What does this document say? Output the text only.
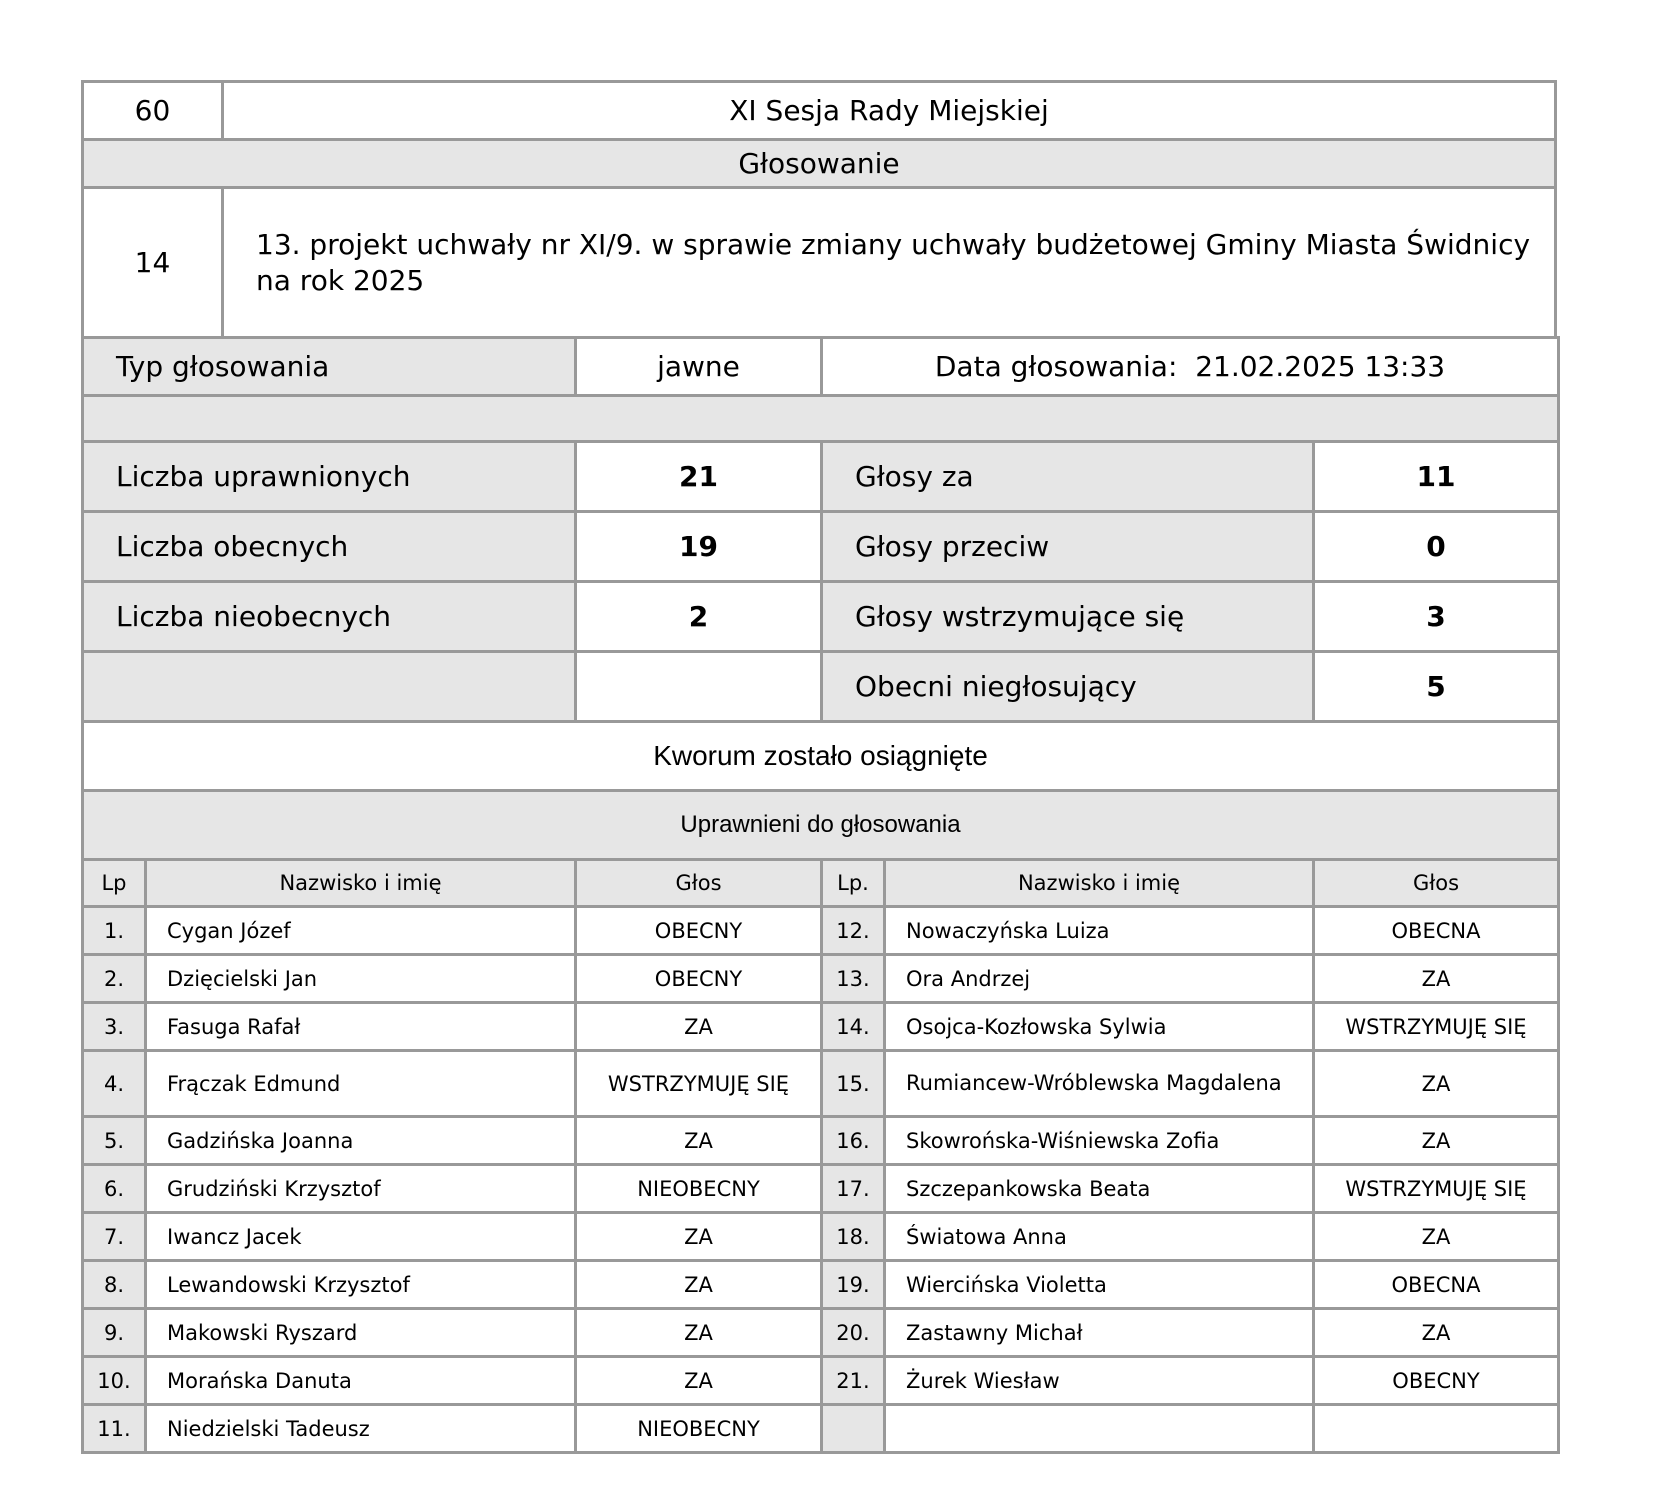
60	XI Sesja Rady Miejskiej
Głosowanie	
14	13. projekt uchwały nr XI/9. w sprawie zmiany uchwały budżetowej Gminy Miasta Świdnicy na rok 2025
Typ głosowania	jawne	Data głosowania: 21.02.2025 13:33	

Liczba uprawnionych	21	Głosy za	11
Liczba obecnych	19	Głosy przeciw	0
Liczba nieobecnych	2	Głosy wstrzymujące się	3
		Obecni niegłosujący	5
Kworum zostało osiągnięte			
Uprawnieni do głosowania			
Lp	Nazwisko i imię	Głos	Lp.	Nazwisko i imię	Głos
1.	Cygan Józef	OBECNY	12.	Nowaczyńska Luiza	OBECNA
2.	Dzięcielski Jan	OBECNY	13.	Ora Andrzej	ZA
3.	Fasuga Rafał	ZA	14.	Osojca-Kozłowska Sylwia	WSTRZYMUJĘ SIĘ
4.	Frączak Edmund	WSTRZYMUJĘ SIĘ	15.	Rumiancew-Wróblewska Magdalena	ZA
5.	Gadzińska Joanna	ZA	16.	Skowrońska-Wiśniewska Zofia	ZA
6.	Grudziński Krzysztof	NIEOBECNY	17.	Szczepankowska Beata	WSTRZYMUJĘ SIĘ
7.	Iwancz Jacek	ZA	18.	Światowa Anna	ZA
8.	Lewandowski Krzysztof	ZA	19.	Wiercińska Violetta	OBECNA
9.	Makowski Ryszard	ZA	20.	Zastawny Michał	ZA
10.	Morańska Danuta	ZA	21.	Żurek Wiesław	OBECNY
11.	Niedzielski Tadeusz	NIEOBECNY			
